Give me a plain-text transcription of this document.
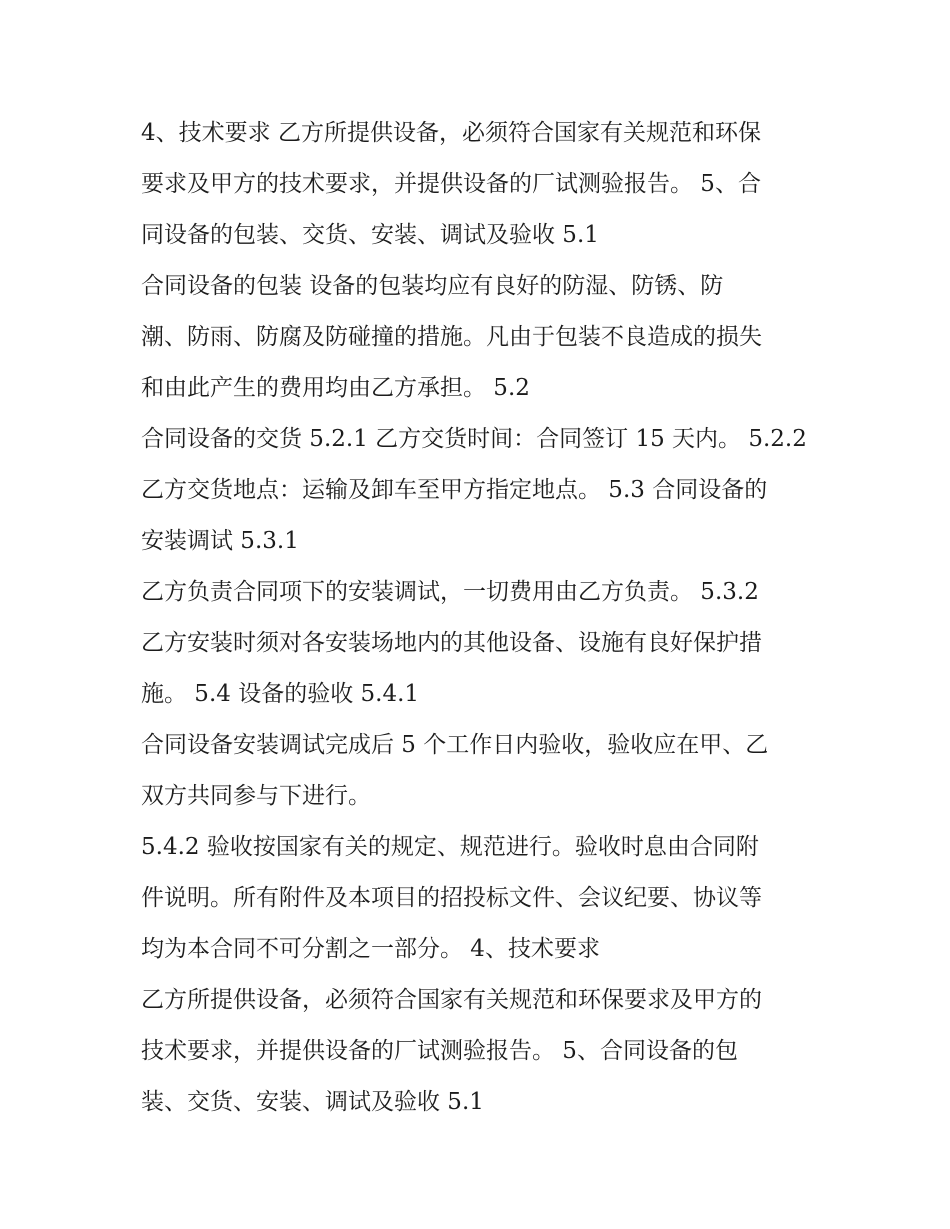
4、技术要求 乙方所提供设备，必须符合国家有关规范和环保
要求及甲方的技术要求，并提供设备的厂试测验报告。 5、合
同设备的包装、交货、安装、调试及验收 5.1
合同设备的包装 设备的包装均应有良好的防湿、防锈、防
潮、防雨、防腐及防碰撞的措施。凡由于包装不良造成的损失
和由此产生的费用均由乙方承担。 5.2
合同设备的交货 5.2.1 乙方交货时间：合同签订 15 天内。 5.2.2
乙方交货地点：运输及卸车至甲方指定地点。 5.3 合同设备的
安装调试 5.3.1
乙方负责合同项下的安装调试，一切费用由乙方负责。 5.3.2
乙方安装时须对各安装场地内的其他设备、设施有良好保护措
施。 5.4 设备的验收 5.4.1
合同设备安装调试完成后 5 个工作日内验收，验收应在甲、乙
双方共同参与下进行。
5.4.2 验收按国家有关的规定、规范进行。验收时息由合同附
件说明。所有附件及本项目的招投标文件、会议纪要、协议等
均为本合同不可分割之一部分。 4、技术要求
乙方所提供设备，必须符合国家有关规范和环保要求及甲方的
技术要求，并提供设备的厂试测验报告。 5、合同设备的包
装、交货、安装、调试及验收 5.1
